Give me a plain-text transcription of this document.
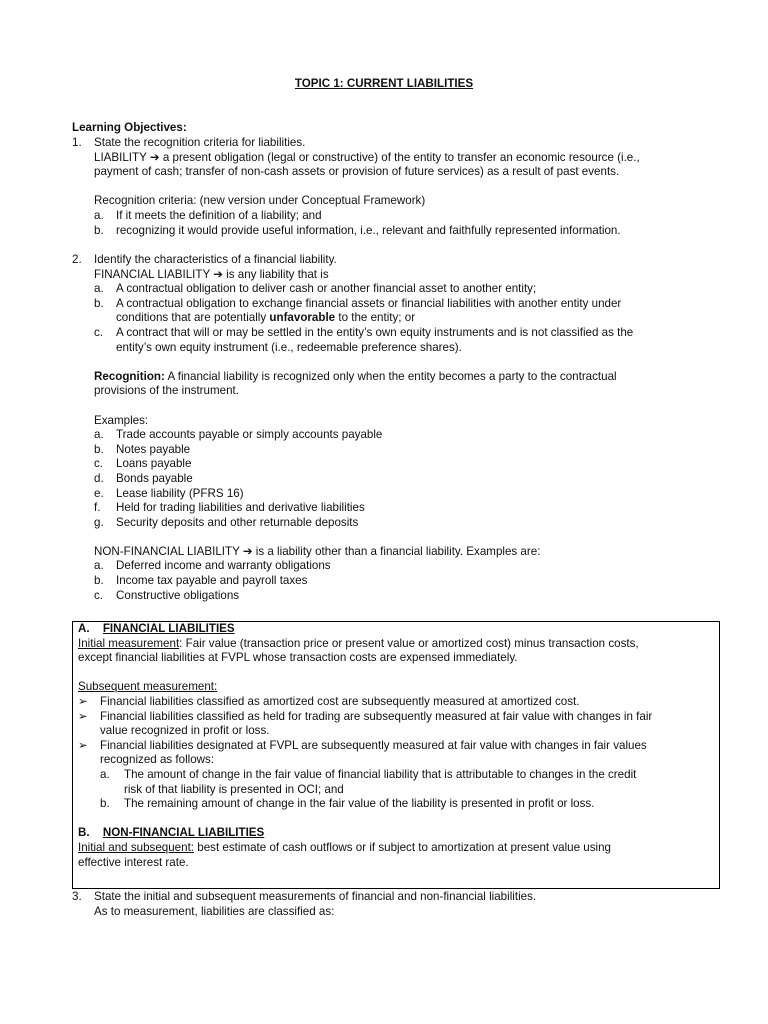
TOPIC 1: CURRENT LIABILITIES
Learning Objectives:
1. State the recognition criteria for liabilities.
LIABILITY ➔ a present obligation (legal or constructive) of the entity to transfer an economic resource (i.e.,
payment of cash; transfer of non-cash assets or provision of future services) as a result of past events.
Recognition criteria: (new version under Conceptual Framework)
a. If it meets the definition of a liability; and
b. recognizing it would provide useful information, i.e., relevant and faithfully represented information.
2. Identify the characteristics of a financial liability.
FINANCIAL LIABILITY ➔ is any liability that is
a. A contractual obligation to deliver cash or another financial asset to another entity;
b. A contractual obligation to exchange financial assets or financial liabilities with another entity under
conditions that are potentially unfavorable to the entity; or
c. A contract that will or may be settled in the entity’s own equity instruments and is not classified as the
entity’s own equity instrument (i.e., redeemable preference shares).
Recognition: A financial liability is recognized only when the entity becomes a party to the contractual
provisions of the instrument.
Examples:
a. Trade accounts payable or simply accounts payable
b. Notes payable
c. Loans payable
d. Bonds payable
e. Lease liability (PFRS 16)
f. Held for trading liabilities and derivative liabilities
g. Security deposits and other returnable deposits
NON-FINANCIAL LIABILITY ➔ is a liability other than a financial liability. Examples are:
a. Deferred income and warranty obligations
b. Income tax payable and payroll taxes
c. Constructive obligations
A. FINANCIAL LIABILITIES
Initial measurement: Fair value (transaction price or present value or amortized cost) minus transaction costs,
except financial liabilities at FVPL whose transaction costs are expensed immediately.
Subsequent measurement:
➢ Financial liabilities classified as amortized cost are subsequently measured at amortized cost.
➢ Financial liabilities classified as held for trading are subsequently measured at fair value with changes in fair
value recognized in profit or loss.
➢ Financial liabilities designated at FVPL are subsequently measured at fair value with changes in fair values
recognized as follows:
a. The amount of change in the fair value of financial liability that is attributable to changes in the credit
risk of that liability is presented in OCI; and
b. The remaining amount of change in the fair value of the liability is presented in profit or loss.
B. NON-FINANCIAL LIABILITIES
Initial and subsequent: best estimate of cash outflows or if subject to amortization at present value using
effective interest rate.
3. State the initial and subsequent measurements of financial and non-financial liabilities.
As to measurement, liabilities are classified as:
